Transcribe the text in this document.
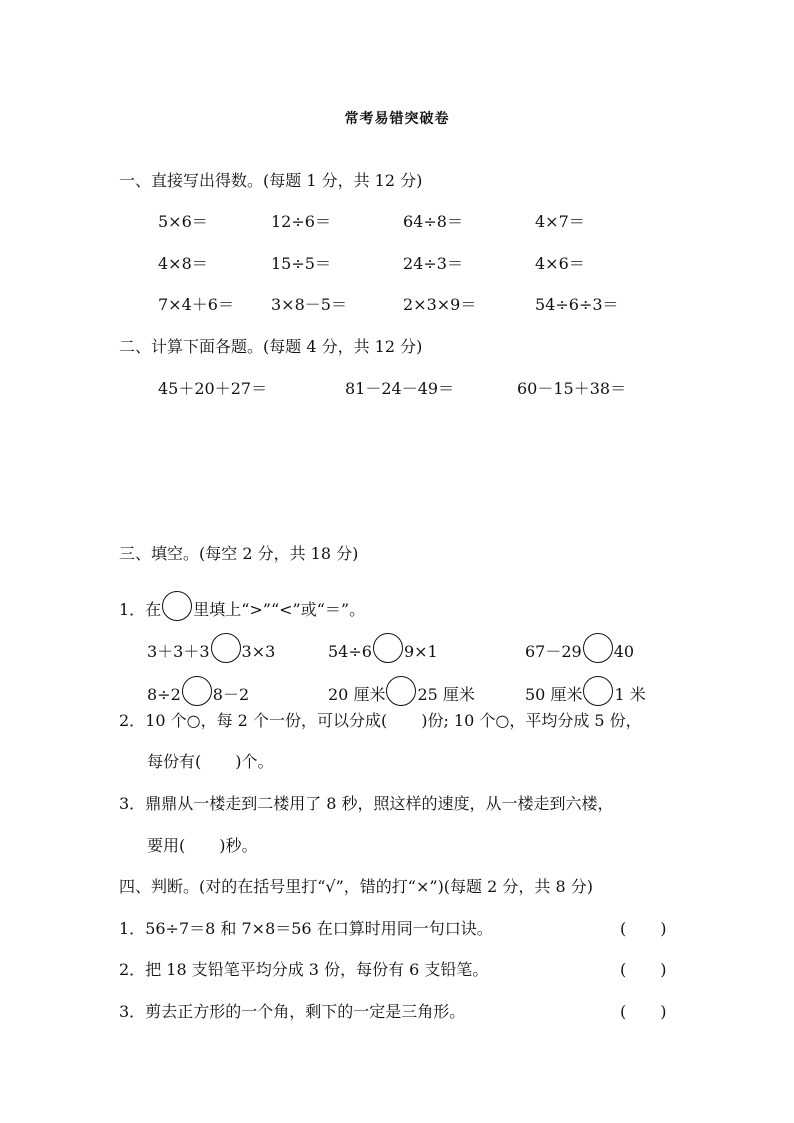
常考易错突破卷
一、直接写出得数。(每题 1 分，共 12 分)
5×6＝	12÷6＝	64÷8＝	4×7＝
4×8＝	15÷5＝	24÷3＝	4×6＝
7×4＋6＝ 3×8－5＝	2×3×9＝	54÷6÷3＝
二、计算下面各题。(每题 4 分，共 12 分)
45＋20＋27＝	81－24－49＝	60－15＋38＝
三、填空。(每空 2 分，共 18 分)
1．在 里填上“>”“<”或“＝”。
3＋3＋3 3×3	54÷6 9×1	67－29 40
8÷2 8－2	20 厘米 25 厘米	50 厘米 1 米
2．10 个○，每 2 个一份，可以分成( )份; 10 个○，平均分成 5 份，
每份有( )个。
3．鼎鼎从一楼走到二楼用了 8 秒，照这样的速度，从一楼走到六楼，
要用( )秒。
四、判断。(对的在括号里打“√”，错的打“×”)(每题 2 分，共 8 分)
1．56÷7＝8 和 7×8＝56 在口算时用同一句口诀。	( )
2．把 18 支铅笔平均分成 3 份，每份有 6 支铅笔。	( )
3．剪去正方形的一个角，剩下的一定是三角形。	( )
